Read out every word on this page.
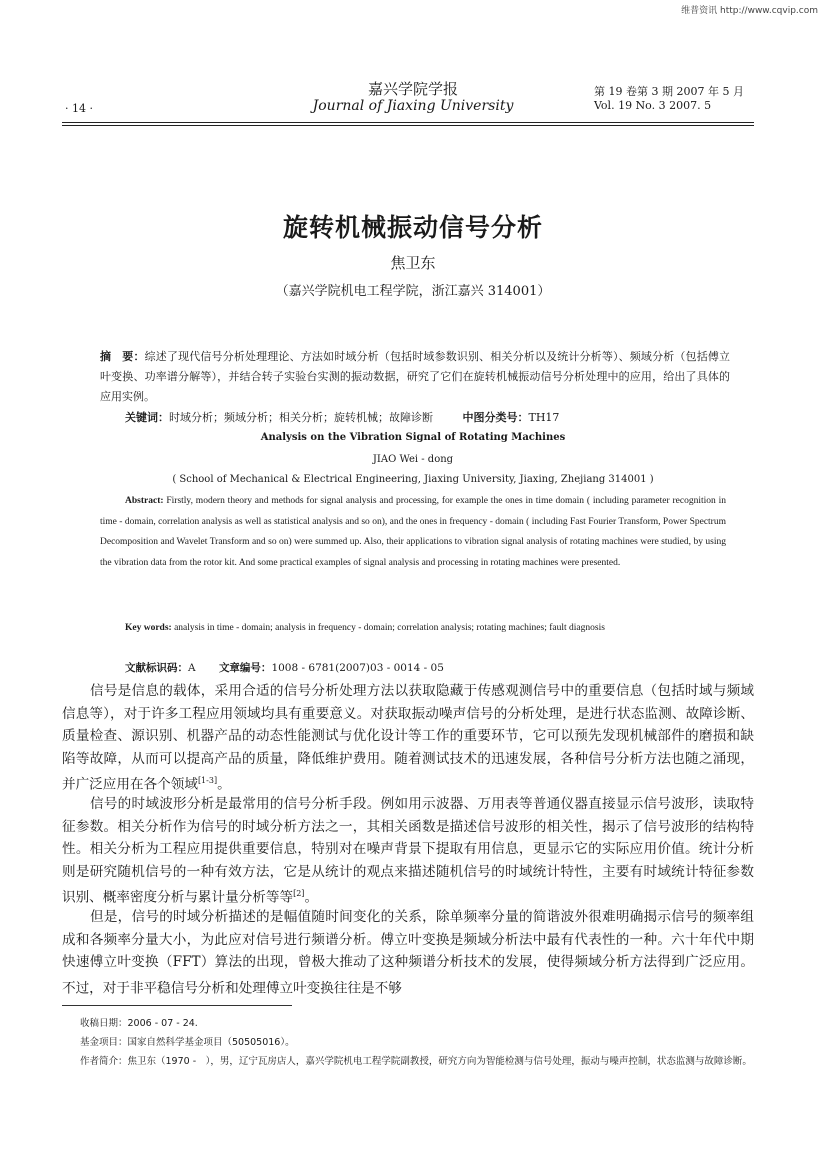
维普资讯 http://www.cqvip.com
· 14 ·
嘉兴学院学报
Journal of Jiaxing University
第 19 卷第 3 期 2007 年 5 月
Vol. 19 No. 3 2007. 5
旋转机械振动信号分析
焦卫东
（嘉兴学院机电工程学院，浙江嘉兴 314001）
摘　要：综述了现代信号分析处理理论、方法如时域分析（包括时域参数识别、相关分析以及统计分析等）、频域分析（包括傅立叶变换、功率谱分解等），并结合转子实验台实测的振动数据，研究了它们在旋转机械振动信号分析处理中的应用，给出了具体的应用实例。
关键词：时域分析；频域分析；相关分析；旋转机械；故障诊断	中图分类号：TH17
Analysis on the Vibration Signal of Rotating Machines
JIAO Wei - dong
( School of Mechanical & Electrical Engineering, Jiaxing University, Jiaxing, Zhejiang 314001 )
Abstract: Firstly, modern theory and methods for signal analysis and processing, for example the ones in time domain ( including parameter recognition in time - domain, correlation analysis as well as statistical analysis and so on), and the ones in frequency - domain ( including Fast Fourier Transform, Power Spectrum Decomposition and Wavelet Transform and so on) were summed up. Also, their applications to vibration signal analysis of rotating machines were studied, by using the vibration data from the rotor kit. And some practical examples of signal analysis and processing in rotating machines were presented.
Key words: analysis in time - domain; analysis in frequency - domain; correlation analysis; rotating machines; fault diagnosis
文献标识码：A 文章编号：1008 - 6781(2007)03 - 0014 - 05
信号是信息的载体，采用合适的信号分析处理方法以获取隐藏于传感观测信号中的重要信息（包括时域与频域信息等），对于许多工程应用领域均具有重要意义。对获取振动噪声信号的分析处理，是进行状态监测、故障诊断、质量检查、源识别、机器产品的动态性能测试与优化设计等工作的重要环节，它可以预先发现机械部件的磨损和缺陷等故障，从而可以提高产品的质量，降低维护费用。随着测试技术的迅速发展，各种信号分析方法也随之涌现，并广泛应用在各个领域[1-3]。
信号的时域波形分析是最常用的信号分析手段。例如用示波器、万用表等普通仪器直接显示信号波形，读取特征参数。相关分析作为信号的时域分析方法之一，其相关函数是描述信号波形的相关性，揭示了信号波形的结构特性。相关分析为工程应用提供重要信息，特别对在噪声背景下提取有用信息，更显示它的实际应用价值。统计分析则是研究随机信号的一种有效方法，它是从统计的观点来描述随机信号的时域统计特性，主要有时域统计特征参数识别、概率密度分析与累计量分析等等[2]。
但是，信号的时域分析描述的是幅值随时间变化的关系，除单频率分量的简谐波外很难明确揭示信号的频率组成和各频率分量大小，为此应对信号进行频谱分析。傅立叶变换是频域分析法中最有代表性的一种。六十年代中期快速傅立叶变换（FFT）算法的出现，曾极大推动了这种频谱分析技术的发展，使得频域分析方法得到广泛应用。不过，对于非平稳信号分析和处理傅立叶变换往往是不够
收稿日期：2006 - 07 - 24.
基金项目：国家自然科学基金项目（50505016）。
作者简介：焦卫东（1970 -　），男，辽宁瓦房店人，嘉兴学院机电工程学院副教授，研究方向为智能检测与信号处理，振动与噪声控制，状态监测与故障诊断。
